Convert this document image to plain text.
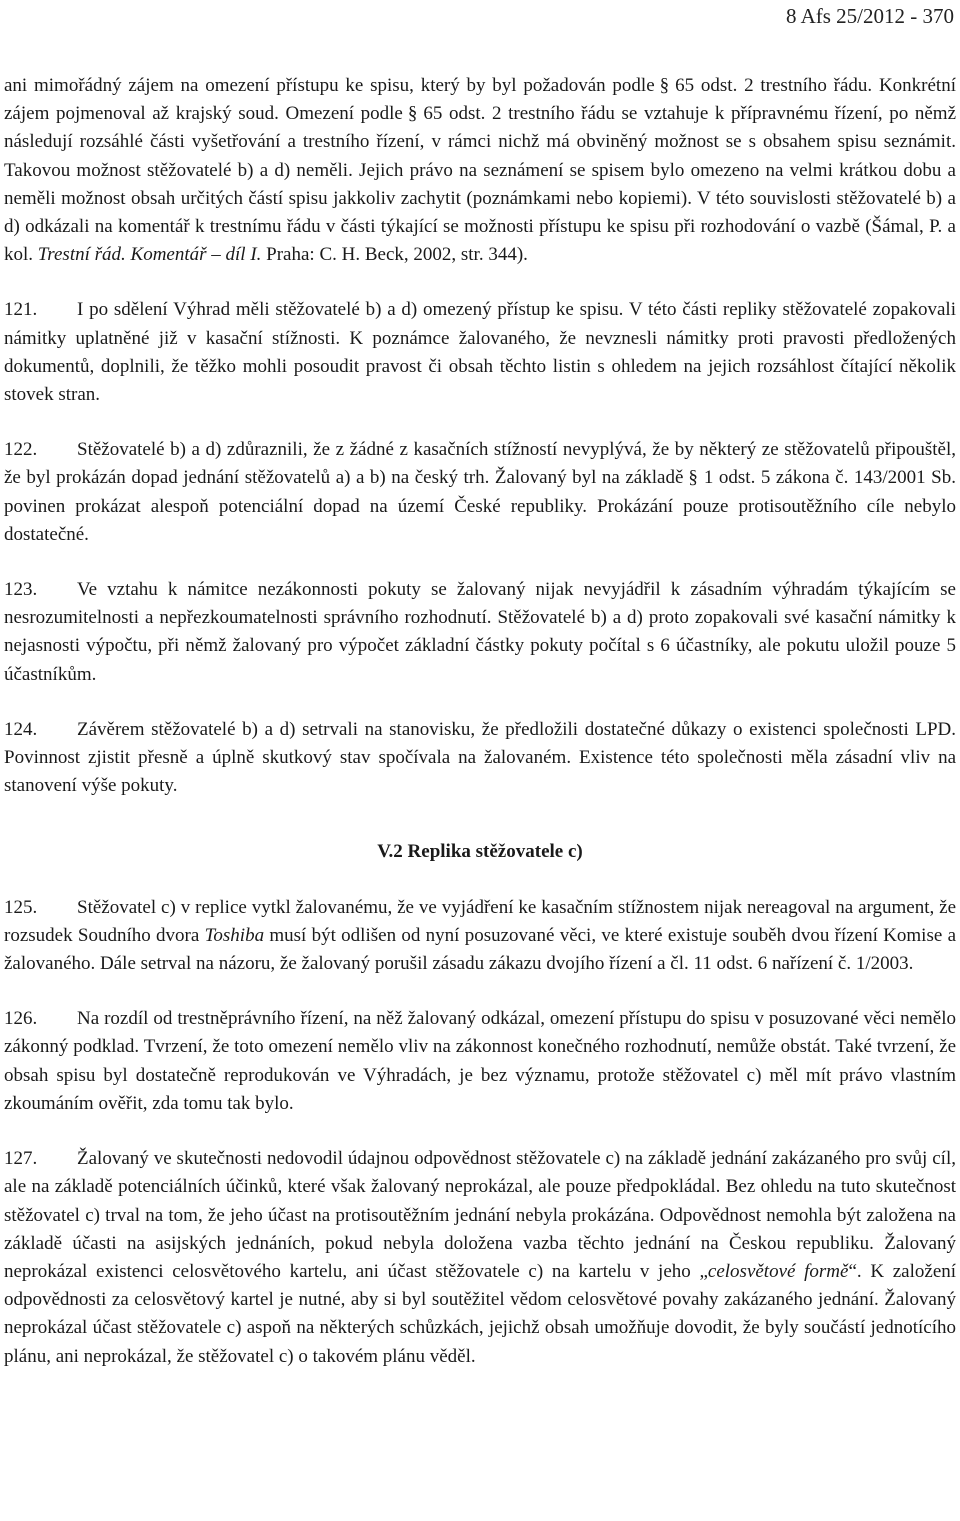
8 Afs 25/2012 - 370

ani mimořádný zájem na omezení přístupu ke spisu, který by byl požadován podle § 65 odst. 2 trestního řádu. Konkrétní zájem pojmenoval až krajský soud. Omezení podle § 65 odst. 2 trestního řádu se vztahuje k přípravnému řízení, po němž následují rozsáhlé části vyšetřování a trestního řízení, v rámci nichž má obviněný možnost se s obsahem spisu seznámit. Takovou možnost stěžovatelé b) a d) neměli. Jejich právo na seznámení se spisem bylo omezeno na velmi krátkou dobu a neměli možnost obsah určitých částí spisu jakkoliv zachytit (poznámkami nebo kopiemi). V této souvislosti stěžovatelé b) a d) odkázali na komentář k trestnímu řádu v části týkající se možnosti přístupu ke spisu při rozhodování o vazbě (Šámal, P. a kol. Trestní řád. Komentář – díl I. Praha: C. H. Beck, 2002, str. 344).

121. I po sdělení Výhrad měli stěžovatelé b) a d) omezený přístup ke spisu. V této části repliky stěžovatelé zopakovali námitky uplatněné již v kasační stížnosti. K poznámce žalovaného, že nevznesli námitky proti pravosti předložených dokumentů, doplnili, že těžko mohli posoudit pravost či obsah těchto listin s ohledem na jejich rozsáhlost čítající několik stovek stran.

122. Stěžovatelé b) a d) zdůraznili, že z žádné z kasačních stížností nevyplývá, že by některý ze stěžovatelů připouštěl, že byl prokázán dopad jednání stěžovatelů a) a b) na český trh. Žalovaný byl na základě § 1 odst. 5 zákona č. 143/2001 Sb. povinen prokázat alespoň potenciální dopad na území České republiky. Prokázání pouze protisoutěžního cíle nebylo dostatečné.

123. Ve vztahu k námitce nezákonnosti pokuty se žalovaný nijak nevyjádřil k zásadním výhradám týkajícím se nesrozumitelnosti a nepřezkoumatelnosti správního rozhodnutí. Stěžovatelé b) a d) proto zopakovali své kasační námitky k nejasnosti výpočtu, při němž žalovaný pro výpočet základní částky pokuty počítal s 6 účastníky, ale pokutu uložil pouze 5 účastníkům.

124. Závěrem stěžovatelé b) a d) setrvali na stanovisku, že předložili dostatečné důkazy o existenci společnosti LPD. Povinnost zjistit přesně a úplně skutkový stav spočívala na žalovaném. Existence této společnosti měla zásadní vliv na stanovení výše pokuty.

V.2 Replika stěžovatele c)

125. Stěžovatel c) v replice vytkl žalovanému, že ve vyjádření ke kasačním stížnostem nijak nereagoval na argument, že rozsudek Soudního dvora Toshiba musí být odlišen od nyní posuzované věci, ve které existuje souběh dvou řízení Komise a žalovaného. Dále setrval na názoru, že žalovaný porušil zásadu zákazu dvojího řízení a čl. 11 odst. 6 nařízení č. 1/2003.

126. Na rozdíl od trestněprávního řízení, na něž žalovaný odkázal, omezení přístupu do spisu v posuzované věci nemělo zákonný podklad. Tvrzení, že toto omezení nemělo vliv na zákonnost konečného rozhodnutí, nemůže obstát. Také tvrzení, že obsah spisu byl dostatečně reprodukován ve Výhradách, je bez významu, protože stěžovatel c) měl mít právo vlastním zkoumáním ověřit, zda tomu tak bylo.

127. Žalovaný ve skutečnosti nedovodil údajnou odpovědnost stěžovatele c) na základě jednání zakázaného pro svůj cíl, ale na základě potenciálních účinků, které však žalovaný neprokázal, ale pouze předpokládal. Bez ohledu na tuto skutečnost stěžovatel c) trval na tom, že jeho účast na protisoutěžním jednání nebyla prokázána. Odpovědnost nemohla být založena na základě účasti na asijských jednáních, pokud nebyla doložena vazba těchto jednání na Českou republiku. Žalovaný neprokázal existenci celosvětového kartelu, ani účast stěžovatele c) na kartelu v jeho „celosvětové formě“. K založení odpovědnosti za celosvětový kartel je nutné, aby si byl soutěžitel vědom celosvětové povahy zakázaného jednání. Žalovaný neprokázal účast stěžovatele c) aspoň na některých schůzkách, jejichž obsah umožňuje dovodit, že byly součástí jednotícího plánu, ani neprokázal, že stěžovatel c) o takovém plánu věděl.
